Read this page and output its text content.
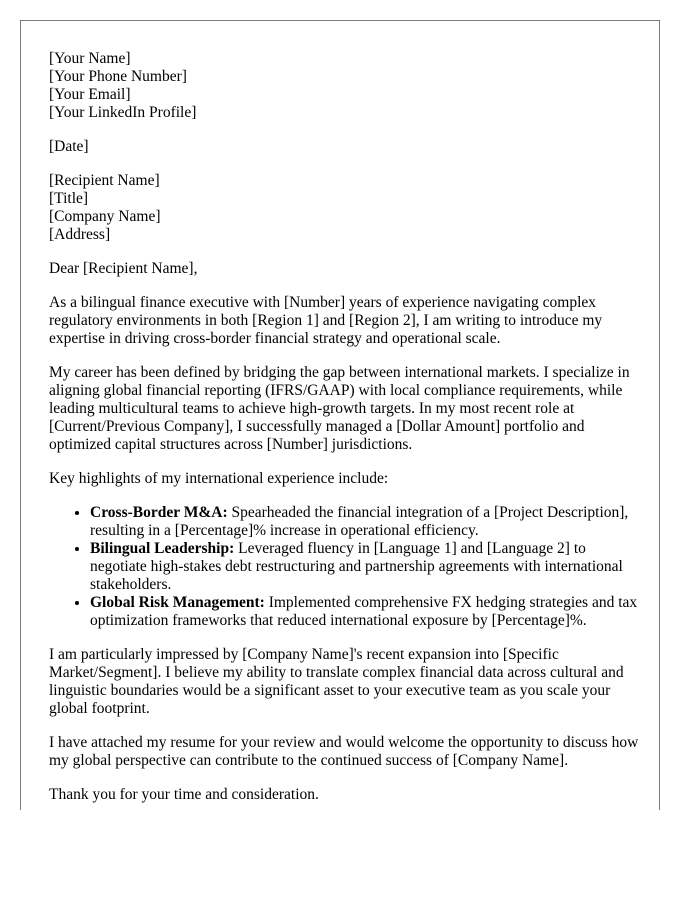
[Your Name]
[Your Phone Number]
[Your Email]
[Your LinkedIn Profile]
[Date]
[Recipient Name]
[Title]
[Company Name]
[Address]

Dear [Recipient Name],

As a bilingual finance executive with [Number] years of experience navigating complex regulatory environments in both [Region 1] and [Region 2], I am writing to introduce my expertise in driving cross-border financial strategy and operational scale.

My career has been defined by bridging the gap between international markets. I specialize in aligning global financial reporting (IFRS/GAAP) with local compliance requirements, while leading multicultural teams to achieve high-growth targets. In my most recent role at [Current/Previous Company], I successfully managed a [Dollar Amount] portfolio and optimized capital structures across [Number] jurisdictions.

Key highlights of my international experience include:

• Cross-Border M&A: Spearheaded the financial integration of a [Project Description], resulting in a [Percentage]% increase in operational efficiency.
• Bilingual Leadership: Leveraged fluency in [Language 1] and [Language 2] to negotiate high-stakes debt restructuring and partnership agreements with international stakeholders.
• Global Risk Management: Implemented comprehensive FX hedging strategies and tax optimization frameworks that reduced international exposure by [Percentage]%.

I am particularly impressed by [Company Name]'s recent expansion into [Specific Market/Segment]. I believe my ability to translate complex financial data across cultural and linguistic boundaries would be a significant asset to your executive team as you scale your global footprint.

I have attached my resume for your review and would welcome the opportunity to discuss how my global perspective can contribute to the continued success of [Company Name].

Thank you for your time and consideration.
